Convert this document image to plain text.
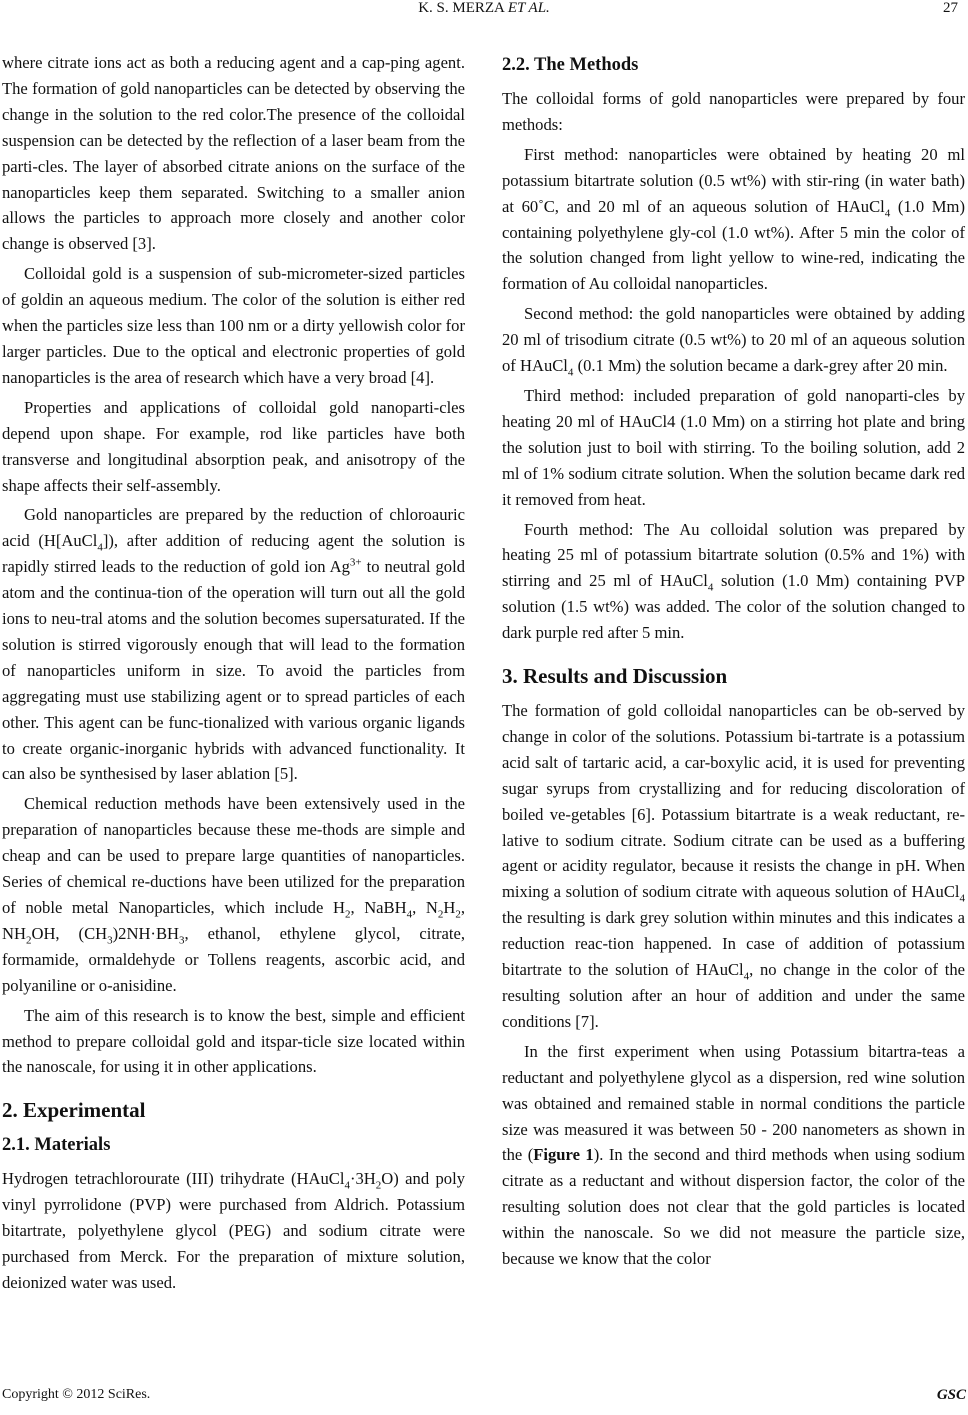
K. S. MERZA ET AL.	27

where citrate ions act as both a reducing agent and a cap-ping agent. The formation of gold nanoparticles can be detected by observing the change in the solution to the red color.The presence of the colloidal suspension can be detected by the reflection of a laser beam from the parti-cles. The layer of absorbed citrate anions on the surface of the nanoparticles keep them separated. Switching to a smaller anion allows the particles to approach more closely and another color change is observed [3].

Colloidal gold is a suspension of sub-micrometer-sized particles of goldin an aqueous medium. The color of the solution is either red when the particles size less than 100 nm or a dirty yellowish color for larger particles. Due to the optical and electronic properties of gold nanoparticles is the area of research which have a very broad [4].

Properties and applications of colloidal gold nanoparti-cles depend upon shape. For example, rod like particles have both transverse and longitudinal absorption peak, and anisotropy of the shape affects their self-assembly.

Gold nanoparticles are prepared by the reduction of chloroauric acid (H[AuCl$_4$]), after addition of reducing agent the solution is rapidly stirred leads to the reduction of gold ion $Ag^{3+}$ to neutral gold atom and the continua-tion of the operation will turn out all the gold ions to neu-tral atoms and the solution becomes supersaturated. If the solution is stirred vigorously enough that will lead to the formation of nanoparticles uniform in size. To avoid the particles from aggregating must use stabilizing agent or to spread particles of each other. This agent can be func-tionalized with various organic ligands to create organic-inorganic hybrids with advanced functionality. It can also be synthesised by laser ablation [5].

Chemical reduction methods have been extensively used in the preparation of nanoparticles because these me-thods are simple and cheap and can be used to prepare large quantities of nanoparticles. Series of chemical re-ductions have been utilized for the preparation of noble metal Nanoparticles, which include $H_2$, NaBH$_4$, $N_2H_2$, $NH_2OH$, $(CH_3)2NH\cdot BH_3$, ethanol, ethylene glycol, citrate, formamide, ormaldehyde or Tollens reagents, ascorbic acid, and polyaniline or o-anisidine.

The aim of this research is to know the best, simple and efficient method to prepare colloidal gold and itspar-ticle size located within the nanoscale, for using it in other applications.

2. Experimental
2.1. Materials

Hydrogen tetrachlorourate (III) trihydrate $(HAuCl_4\cdot 3H_2O)$ and poly vinyl pyrrolidone (PVP) were purchased from Aldrich. Potassium bitartrate, polyethylene glycol (PEG) and sodium citrate were purchased from Merck. For the preparation of mixture solution, deionized water was used.

2.2. The Methods

The colloidal forms of gold nanoparticles were prepared by four methods:

First method: nanoparticles were obtained by heating 20 ml potassium bitartrate solution (0.5 wt%) with stir-ring (in water bath) at 60˚C, and 20 ml of an aqueous solution of HAuCl$_4$ (1.0 Mm) containing polyethylene gly-col (1.0 wt%). After 5 min the color of the solution changed from light yellow to wine-red, indicating the formation of Au colloidal nanoparticles.

Second method: the gold nanoparticles were obtained by adding 20 ml of trisodium citrate (0.5 wt%) to 20 ml of an aqueous solution of HAuCl$_4$ (0.1 Mm) the solution became a dark-grey after 20 min.

Third method: included preparation of gold nanoparti-cles by heating 20 ml of HAuCl4 (1.0 Mm) on a stirring hot plate and bring the solution just to boil with stirring. To the boiling solution, add 2 ml of 1% sodium citrate solution. When the solution became dark red it removed from heat.

Fourth method: The Au colloidal solution was prepared by heating 25 ml of potassium bitartrate solution (0.5% and 1%) with stirring and 25 ml of HAuCl$_4$ solution (1.0 Mm) containing PVP solution (1.5 wt%) was added. The color of the solution changed to dark purple red after 5 min.

3. Results and Discussion

The formation of gold colloidal nanoparticles can be ob-served by change in color of the solutions. Potassium bi-tartrate is a potassium acid salt of tartaric acid, a car-boxylic acid, it is used for preventing sugar syrups from crystallizing and for reducing discoloration of boiled ve-getables [6]. Potassium bitartrate is a weak reductant, re-lative to sodium citrate. Sodium citrate can be used as a buffering agent or acidity regulator, because it resists the change in pH. When mixing a solution of sodium citrate with aqueous solution of HAuCl$_4$ the resulting is dark grey solution within minutes and this indicates a reduction reac-tion happened. In case of addition of potassium bitartrate to the solution of HAuCl$_4$, no change in the color of the resulting solution after an hour of addition and under the same conditions [7].

In the first experiment when using Potassium bitartra-teas a reductant and polyethylene glycol as a dispersion, red wine solution was obtained and remained stable in normal conditions the particle size was measured it was between 50 - 200 nanometers as shown in the (Figure 1). In the second and third methods when using sodium citrate as a reductant and without dispersion factor, the color of the resulting solution does not clear that the gold particles is located within the nanoscale. So we did not measure the particle size, because we know that the color

Copyright © 2012 SciRes.	GSC
